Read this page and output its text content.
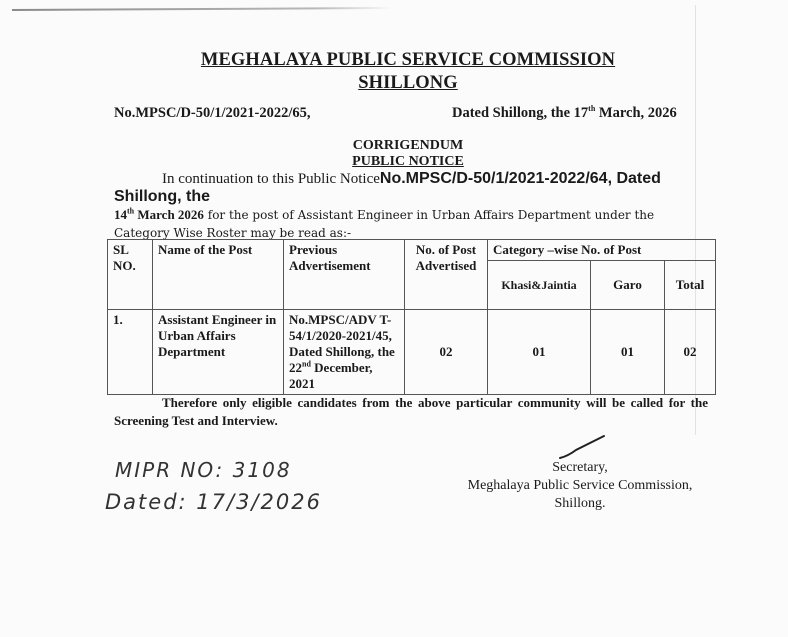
MEGHALAYA PUBLIC SERVICE COMMISSION
SHILLONG
No.MPSC/D-50/1/2021-2022/65,	Dated Shillong, the 17th March, 2026
CORRIGENDUM
PUBLIC NOTICE
In continuation to this Public NoticeNo.MPSC/D-50/1/2021-2022/64, Dated Shillong, the
14th March 2026 for the post of Assistant Engineer in Urban Affairs Department under the Category Wise Roster may be read as:-
SL NO.	Name of the Post	Previous Advertisement	No. of Post Advertised	Category –wise No. of Post		
				Khasi&Jaintia	Garo	Total
1.	Assistant Engineer in Urban Affairs Department	No.MPSC/ADV T-54/1/2020-2021/45, Dated Shillong, the 22nd December, 2021	02	01	01	02
Therefore only eligible candidates from the above particular community will be called for the Screening Test and Interview.
Secretary,
Meghalaya Public Service Commission,
Shillong.
MIPR NO: 3108
Dated: 17/3/2026
